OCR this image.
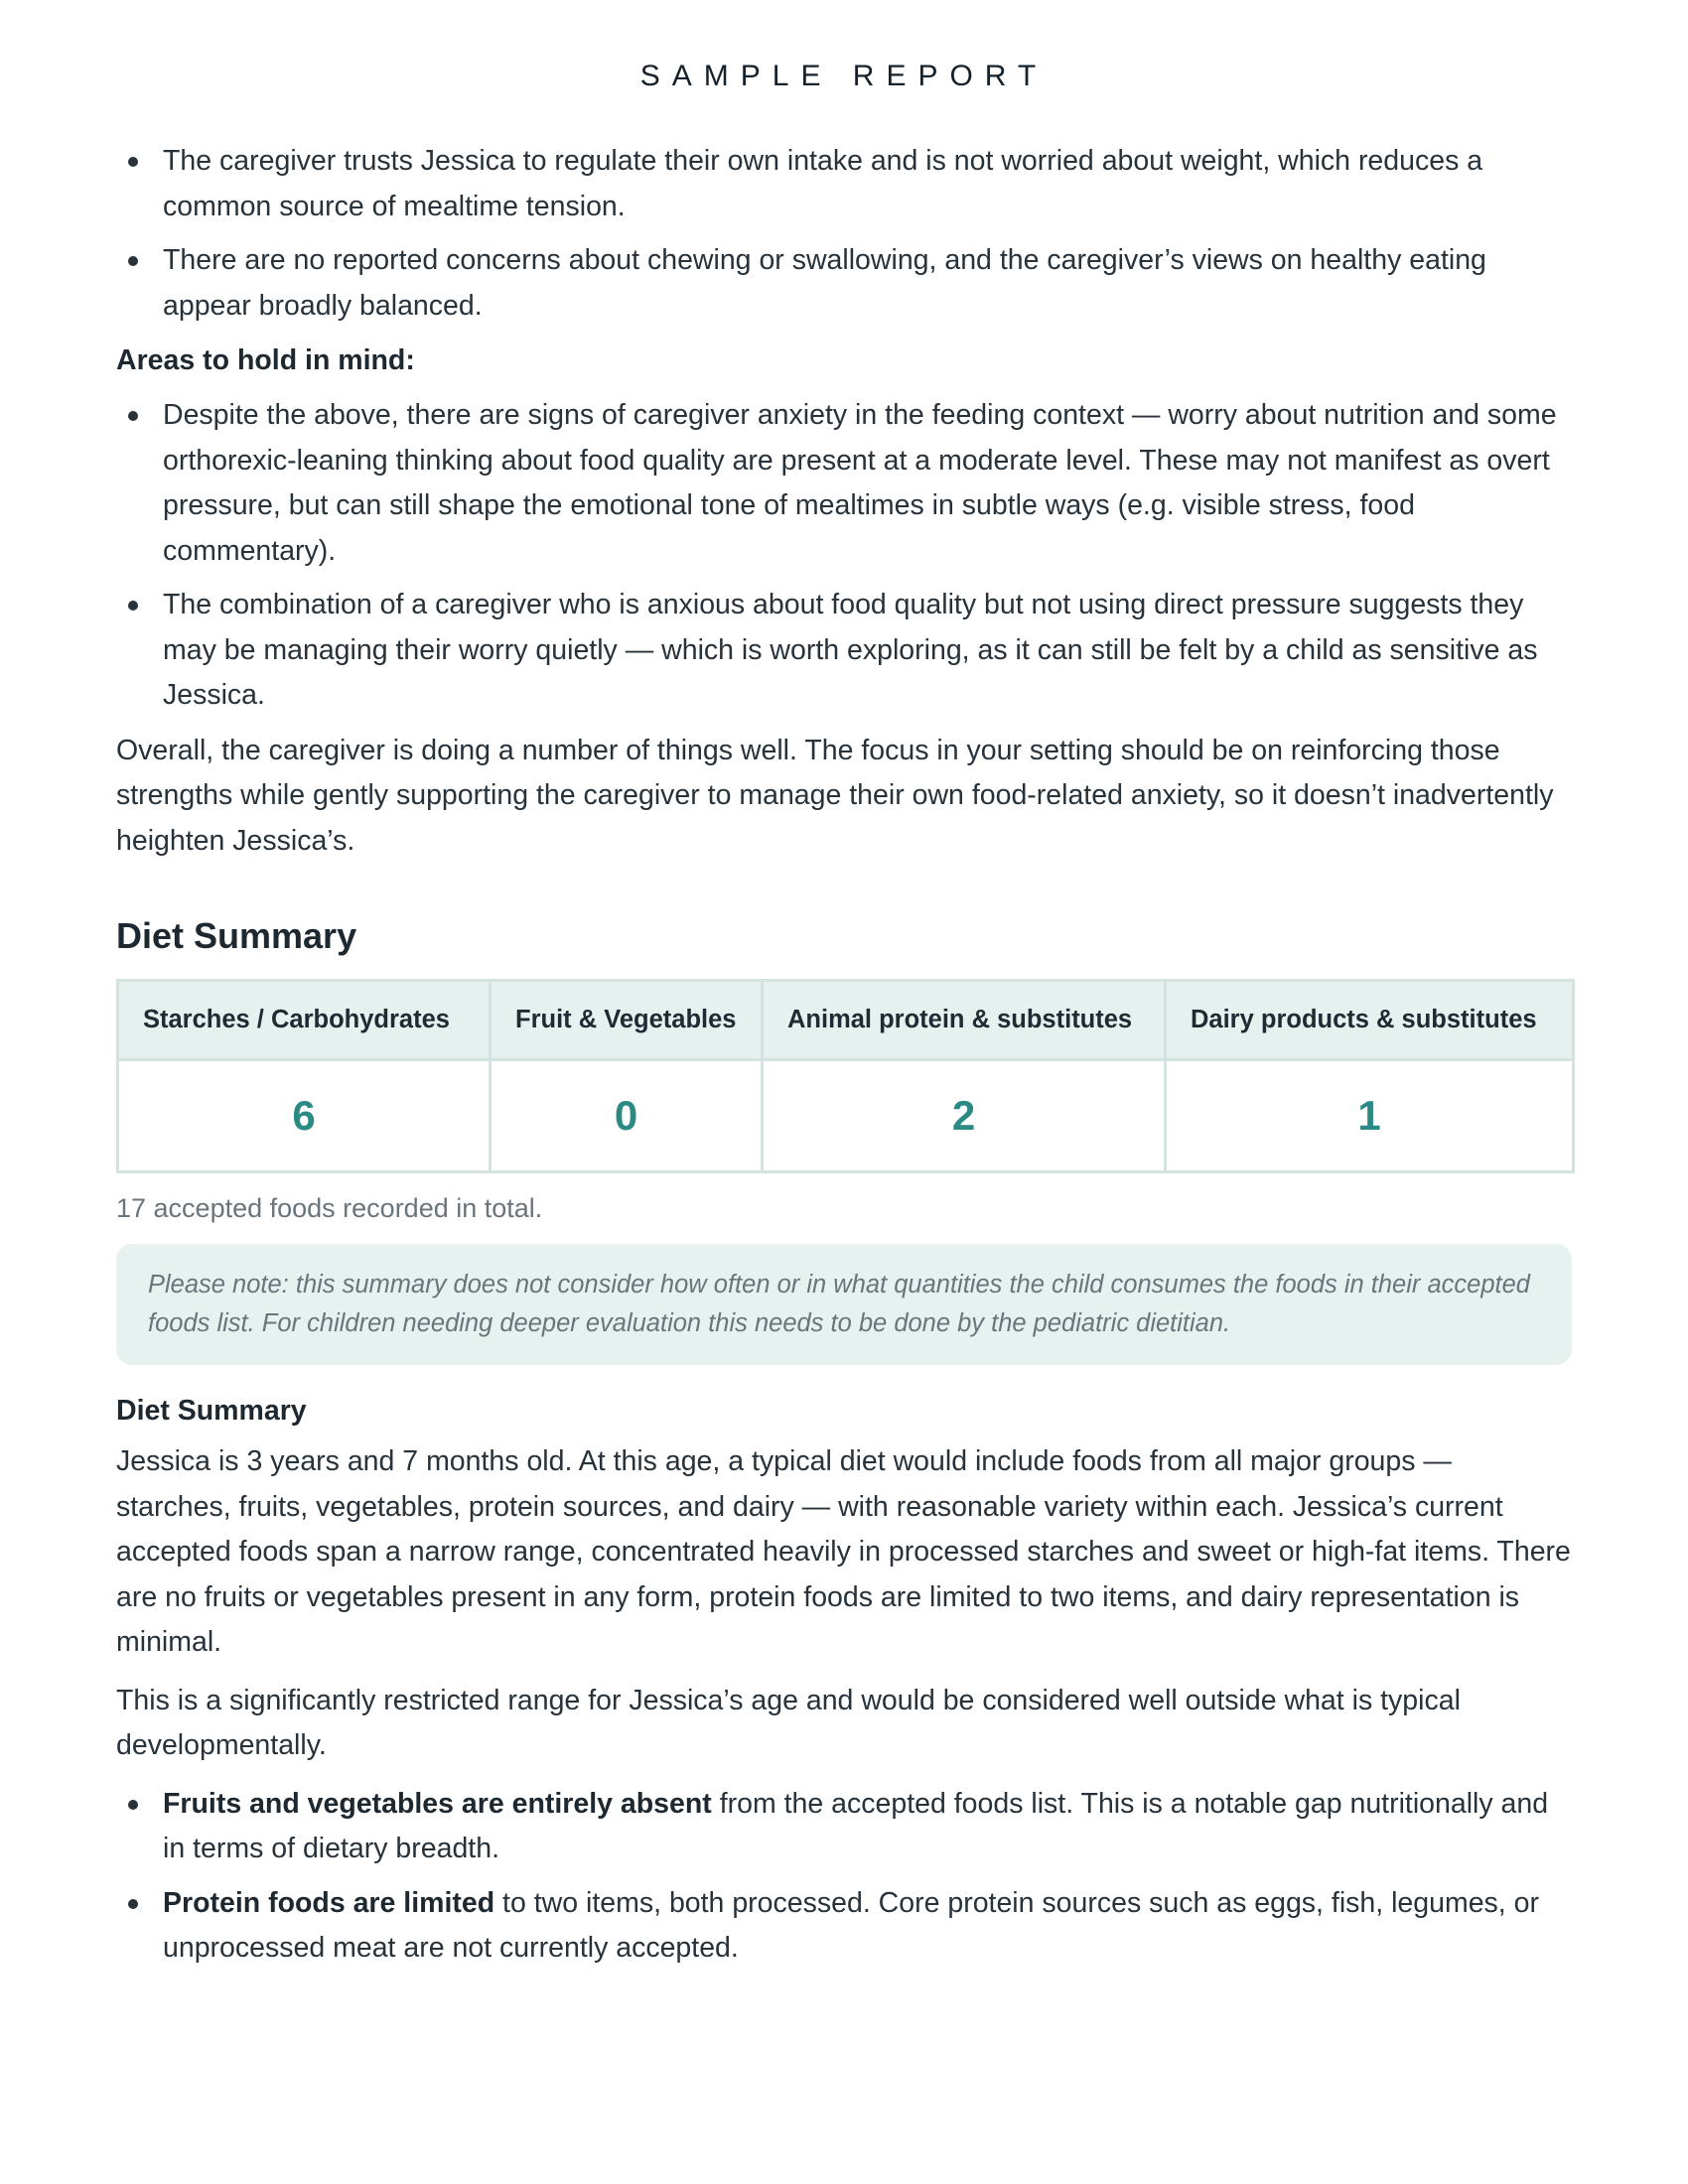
SAMPLE REPORT
The caregiver trusts Jessica to regulate their own intake and is not worried about weight, which reduces a common source of mealtime tension.
There are no reported concerns about chewing or swallowing, and the caregiver’s views on healthy eating appear broadly balanced.

Areas to hold in mind:

Despite the above, there are signs of caregiver anxiety in the feeding context — worry about nutrition and some orthorexic-leaning thinking about food quality are present at a moderate level. These may not manifest as overt pressure, but can still shape the emotional tone of mealtimes in subtle ways (e.g. visible stress, food commentary).
The combination of a caregiver who is anxious about food quality but not using direct pressure suggests they may be managing their worry quietly — which is worth exploring, as it can still be felt by a child as sensitive as Jessica.

Overall, the caregiver is doing a number of things well. The focus in your setting should be on reinforcing those strengths while gently supporting the caregiver to manage their own food-related anxiety, so it doesn’t inadvertently heighten Jessica’s.

Diet Summary
Starches / Carbohydrates	Fruit & Vegetables	Animal protein & substitutes	Dairy products & substitutes
6	0	2	1

17 accepted foods recorded in total.

Please note: this summary does not consider how often or in what quantities the child consumes the foods in their accepted foods list. For children needing deeper evaluation this needs to be done by the pediatric dietitian.

Diet Summary

Jessica is 3 years and 7 months old. At this age, a typical diet would include foods from all major groups — starches, fruits, vegetables, protein sources, and dairy — with reasonable variety within each. Jessica’s current accepted foods span a narrow range, concentrated heavily in processed starches and sweet or high-fat items. There are no fruits or vegetables present in any form, protein foods are limited to two items, and dairy representation is minimal.

This is a significantly restricted range for Jessica’s age and would be considered well outside what is typical developmentally.

Fruits and vegetables are entirely absent from the accepted foods list. This is a notable gap nutritionally and in terms of dietary breadth.
Protein foods are limited to two items, both processed. Core protein sources such as eggs, fish, legumes, or unprocessed meat are not currently accepted.
